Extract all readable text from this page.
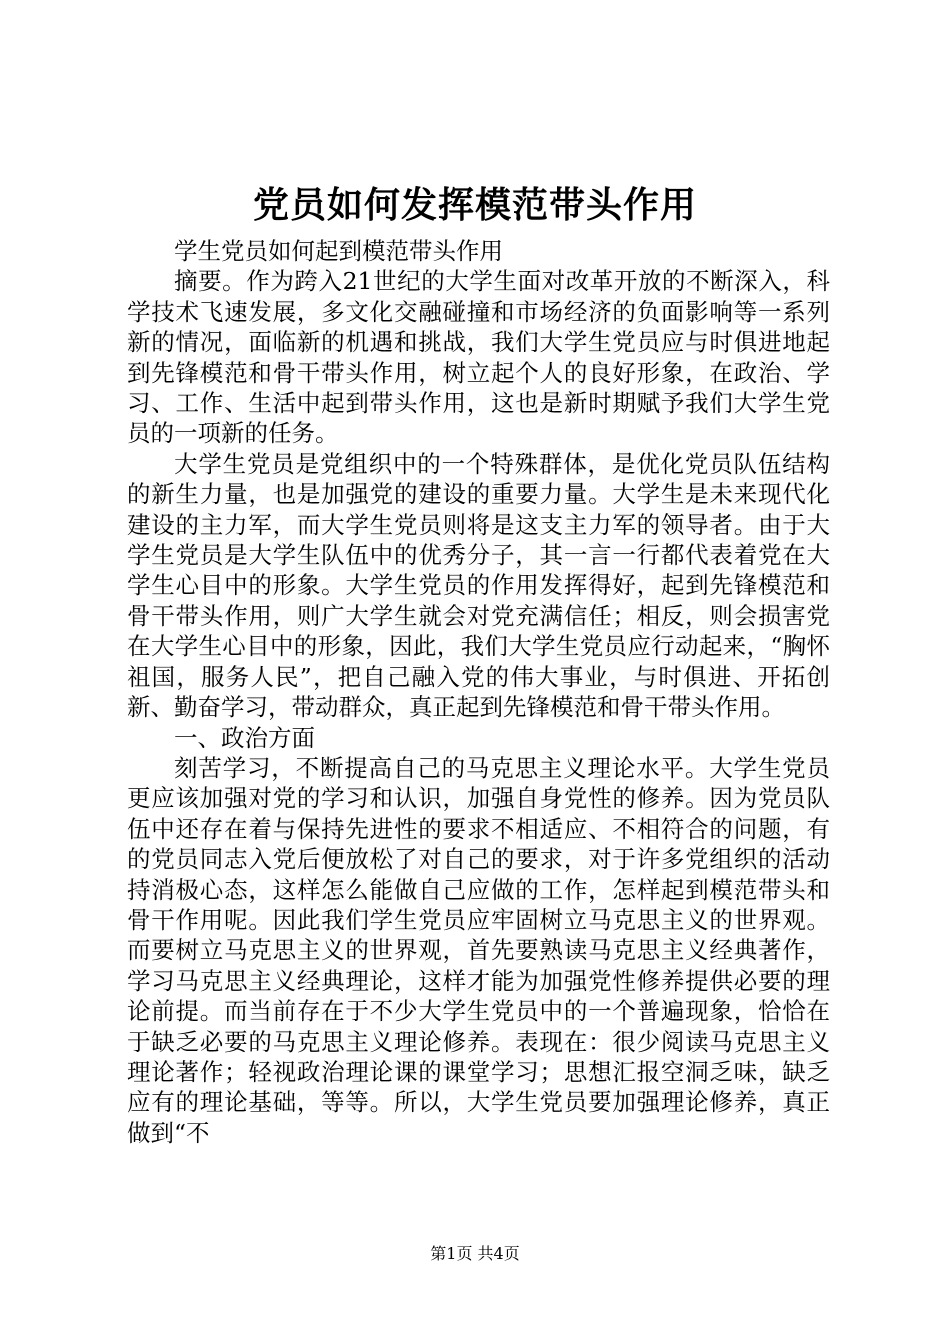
党员如何发挥模范带头作用

学生党员如何起到模范带头作用

摘要。作为跨入21世纪的大学生面对改革开放的不断深入，科学技术飞速发展，多文化交融碰撞和市场经济的负面影响等一系列新的情况，面临新的机遇和挑战，我们大学生党员应与时俱进地起到先锋模范和骨干带头作用，树立起个人的良好形象，在政治、学习、工作、生活中起到带头作用，这也是新时期赋予我们大学生党员的一项新的任务。

大学生党员是党组织中的一个特殊群体，是优化党员队伍结构的新生力量，也是加强党的建设的重要力量。大学生是未来现代化建设的主力军，而大学生党员则将是这支主力军的领导者。由于大学生党员是大学生队伍中的优秀分子，其一言一行都代表着党在大学生心目中的形象。大学生党员的作用发挥得好，起到先锋模范和骨干带头作用，则广大学生就会对党充满信任；相反，则会损害党在大学生心目中的形象，因此，我们大学生党员应行动起来，“胸怀祖国，服务人民”，把自己融入党的伟大事业，与时俱进、开拓创新、勤奋学习，带动群众，真正起到先锋模范和骨干带头作用。

一、政治方面

刻苦学习，不断提高自己的马克思主义理论水平。大学生党员更应该加强对党的学习和认识，加强自身党性的修养。因为党员队伍中还存在着与保持先进性的要求不相适应、不相符合的问题，有的党员同志入党后便放松了对自己的要求，对于许多党组织的活动持消极心态，这样怎么能做自己应做的工作，怎样起到模范带头和骨干作用呢。因此我们学生党员应牢固树立马克思主义的世界观。而要树立马克思主义的世界观，首先要熟读马克思主义经典著作，学习马克思主义经典理论，这样才能为加强党性修养提供必要的理论前提。而当前存在于不少大学生党员中的一个普遍现象，恰恰在于缺乏必要的马克思主义理论修养。表现在：很少阅读马克思主义理论著作；轻视政治理论课的课堂学习；思想汇报空洞乏味，缺乏应有的理论基础，等等。所以，大学生党员要加强理论修养，真正做到“不

第1页 共4页
